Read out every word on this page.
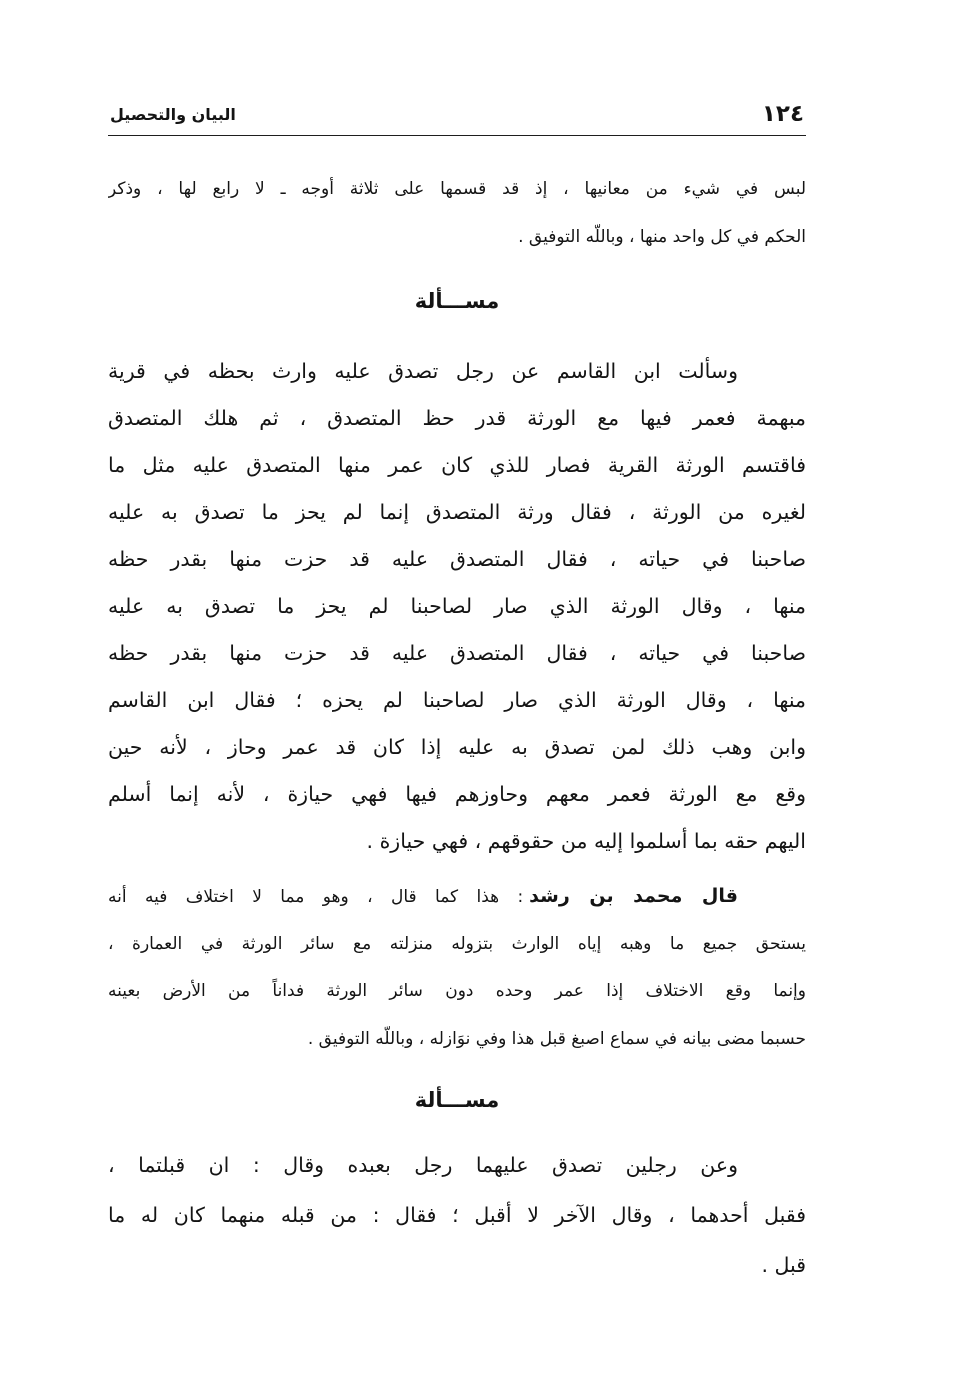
١٢٤
البيان والتحصيل
لبس في شيء من معانيها ، إذ قد قسمها على ثلاثة أوجه ـ لا رابع لها ، وذكر
الحكم في كل واحد منها ، وباللّه التوفيق .
مســـألة
وسألت ابن القاسم عن رجل تصدق عليه وارث بحظه في قرية
مبهمة فعمر فيها مع الورثة قدر حظ المتصدق ، ثم هلك المتصدق
فاقتسم الورثة القرية فصار للذي كان عمر منها المتصدق عليه مثل ما
لغيره من الورثة ، فقال ورثة المتصدق إنما لم يحز ما تصدق به عليه
صاحبنا في حياته ، فقال المتصدق عليه قد حزت منها بقدر حظه
منها ، وقال الورثة الذي صار لصاحبنا لم يحز ما تصدق به عليه
صاحبنا في حياته ، فقال المتصدق عليه قد حزت منها بقدر حظه
منها ، وقال الورثة الذي صار لصاحبنا لم يحزه ؛ فقال ابن القاسم
وابن وهب ذلك لمن تصدق به عليه إذا كان قد عمر وحاز ، لأنه حين
وقع مع الورثة فعمر معهم وحاوزهم فيها فهي حيازة ، لأنه إنما أسلم
اليهم حقه بما أسلموا إليه من حقوقهم ، فهي حيازة .
قال محمد بن رشد: هذا كما قال ، وهو مما لا اختلاف فيه أنه
يستحق جميع ما وهبه إياه الوارث بتزوله منزلته مع سائر الورثة في العمارة ،
وإنما وقع الاختلاف إذا عمر وحده دون سائر الورثة فداناً من الأرض بعينه
حسبما مضى بيانه في سماع اصبغ قبل هذا وفي نوَازله ، وباللّه التوفيق .
مســـألة
وعن رجلين تصدق عليهما رجل بعبده وقال : ان قبلتما ،
فقبل أحدهما ، وقال الآخر لا أقبل ؛ فقال : من قبله منهما كان له ما
قبل .
